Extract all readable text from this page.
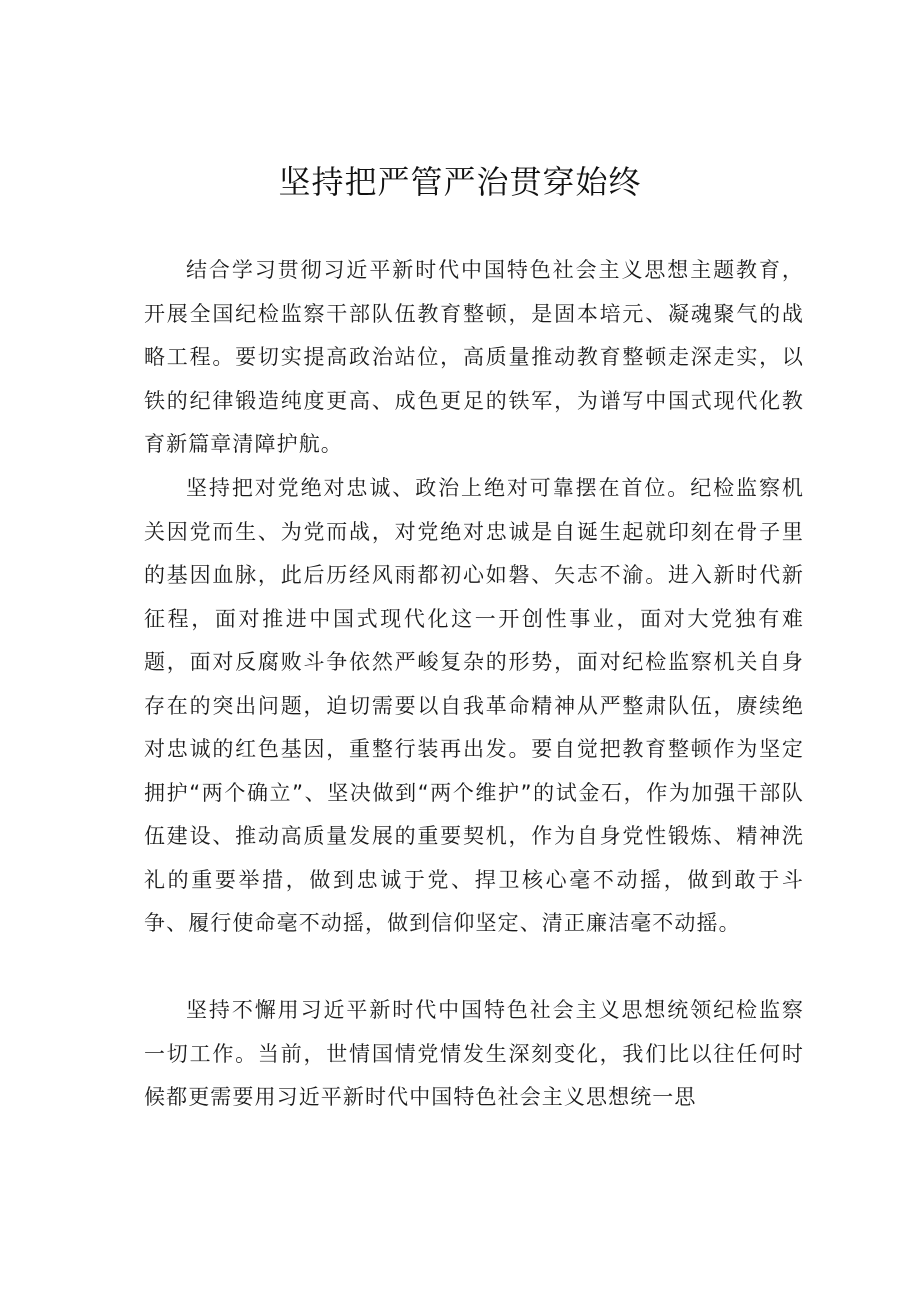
坚持把严管严治贯穿始终

结合学习贯彻习近平新时代中国特色社会主义思想主题教育，开展全国纪检监察干部队伍教育整顿，是固本培元、凝魂聚气的战略工程。要切实提高政治站位，高质量推动教育整顿走深走实，以铁的纪律锻造纯度更高、成色更足的铁军，为谱写中国式现代化教育新篇章清障护航。

坚持把对党绝对忠诚、政治上绝对可靠摆在首位。纪检监察机关因党而生、为党而战，对党绝对忠诚是自诞生起就印刻在骨子里的基因血脉，此后历经风雨都初心如磐、矢志不渝。进入新时代新征程，面对推进中国式现代化这一开创性事业，面对大党独有难题，面对反腐败斗争依然严峻复杂的形势，面对纪检监察机关自身存在的突出问题，迫切需要以自我革命精神从严整肃队伍，赓续绝对忠诚的红色基因，重整行装再出发。要自觉把教育整顿作为坚定拥护“两个确立”、坚决做到“两个维护”的试金石，作为加强干部队伍建设、推动高质量发展的重要契机，作为自身党性锻炼、精神洗礼的重要举措，做到忠诚于党、捍卫核心毫不动摇，做到敢于斗争、履行使命毫不动摇，做到信仰坚定、清正廉洁毫不动摇。

坚持不懈用习近平新时代中国特色社会主义思想统领纪检监察一切工作。当前，世情国情党情发生深刻变化，我们比以往任何时候都更需要用习近平新时代中国特色社会主义思想统一思
